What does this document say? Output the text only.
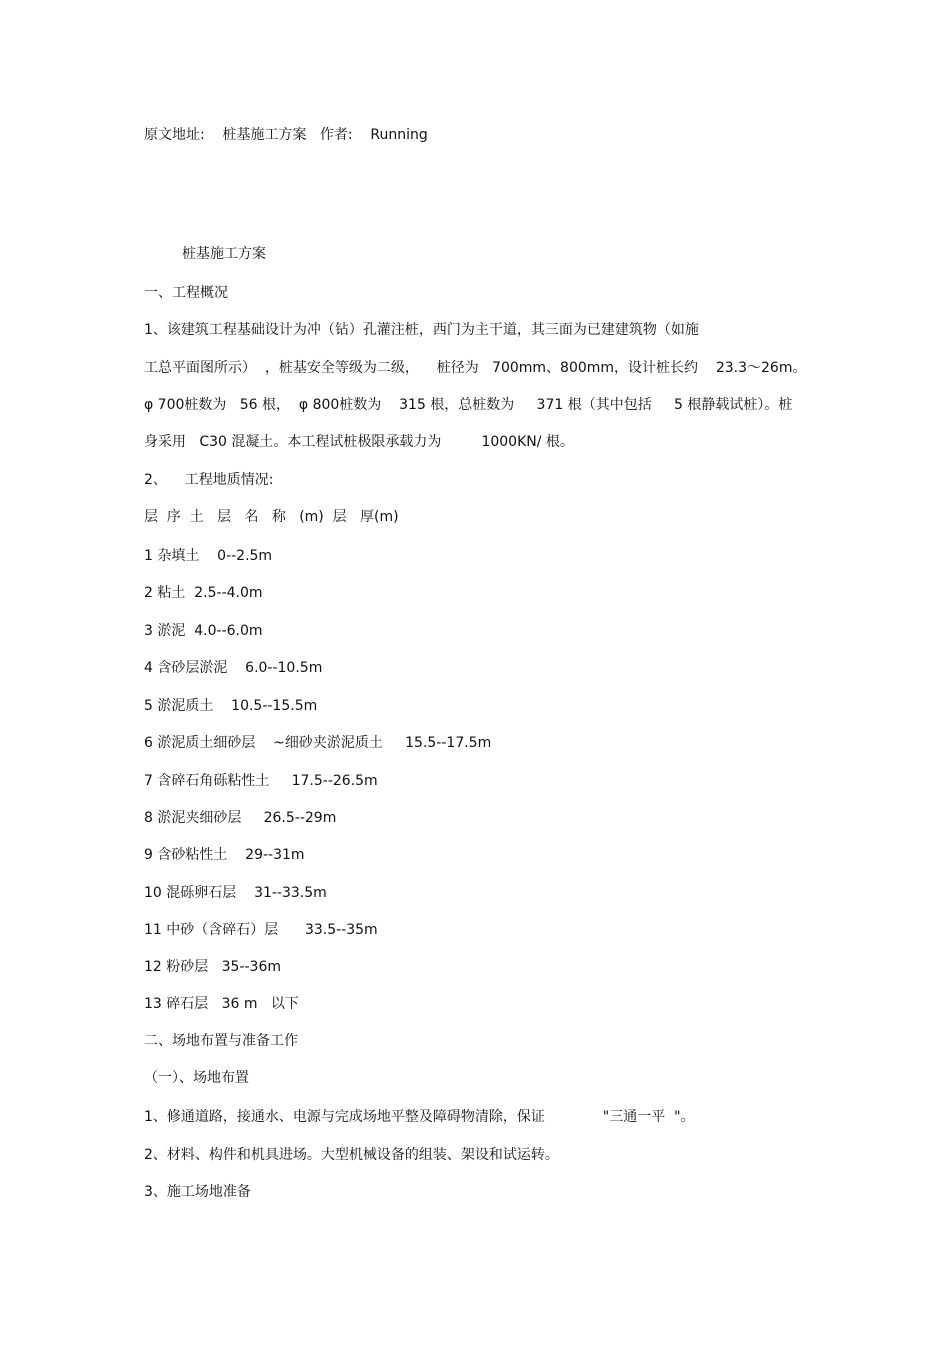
原文地址:    桩基施工方案   作者:    Running
桩基施工方案
一、工程概况
1、该建筑工程基础设计为冲（钻）孔灌注桩，西门为主干道，其三面为已建建筑物（如施
工总平面图所示）  ，桩基安全等级为二级，    桩径为   700mm、800mm，设计桩长约    23.3～26m。
φ 700桩数为   56 根，  φ 800桩数为    315 根，总桩数为     371 根（其中包括     5 根静载试桩）。桩
身采用   C30 混凝土。本工程试桩极限承载力为         1000KN/ 根。
2、    工程地质情况:
层  序  土   层   名   称   (m)  层   厚(m)
1 杂填土    0--2.5m
2 粘土  2.5--4.0m
3 淤泥  4.0--6.0m
4 含砂层淤泥    6.0--10.5m
5 淤泥质土    10.5--15.5m
6 淤泥质土细砂层    ~细砂夹淤泥质土     15.5--17.5m
7 含碎石角砾粘性土     17.5--26.5m
8 淤泥夹细砂层     26.5--29m
9 含砂粘性土    29--31m
10 混砾卵石层    31--33.5m
11 中砂（含碎石）层      33.5--35m
12 粉砂层   35--36m
13 碎石层   36 m   以下
二、场地布置与准备工作
（一）、场地布置
1、修通道路，接通水、电源与完成场地平整及障碍物清除，保证             "三通一平  "。
2、材料、构件和机具进场。大型机械设备的组装、架设和试运转。
3、施工场地准备
